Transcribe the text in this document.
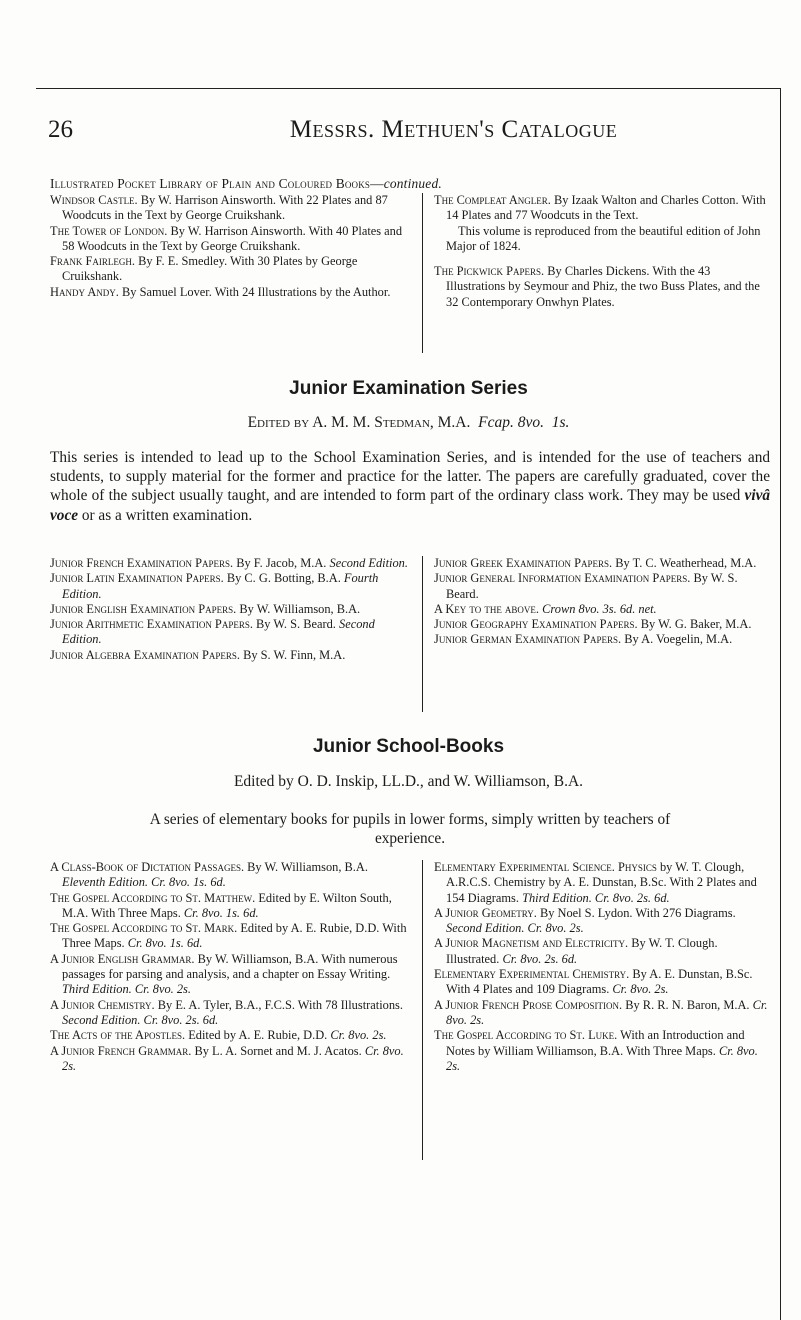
26	Messrs. Methuen's Catalogue
Illustrated Pocket Library of Plain and Coloured Books—continued.

Windsor Castle. By W. Harrison Ainsworth. With 22 Plates and 87 Woodcuts in the Text by George Cruikshank.

The Tower of London. By W. Harrison Ainsworth. With 40 Plates and 58 Woodcuts in the Text by George Cruikshank.

Frank Fairlegh. By F. E. Smedley. With 30 Plates by George Cruikshank.

Handy Andy. By Samuel Lover. With 24 Illustrations by the Author.

The Compleat Angler. By Izaak Walton and Charles Cotton. With 14 Plates and 77 Woodcuts in the Text.

This volume is reproduced from the beautiful edition of John Major of 1824.

The Pickwick Papers. By Charles Dickens. With the 43 Illustrations by Seymour and Phiz, the two Buss Plates, and the 32 Contemporary Onwhyn Plates.

Junior Examination Series
Edited by A. M. M. Stedman, M.A. Fcap. 8vo. 1s.
This series is intended to lead up to the School Examination Series, and is intended for the use of teachers and students, to supply material for the former and practice for the latter. The papers are carefully graduated, cover the whole of the subject usually taught, and are intended to form part of the ordinary class work. They may be used vivâ voce or as a written examination.

Junior French Examination Papers. By F. Jacob, M.A. Second Edition.

Junior Latin Examination Papers. By C. G. Botting, B.A. Fourth Edition.

Junior English Examination Papers. By W. Williamson, B.A.

Junior Arithmetic Examination Papers. By W. S. Beard. Second Edition.

Junior Algebra Examination Papers. By S. W. Finn, M.A.

Junior Greek Examination Papers. By T. C. Weatherhead, M.A.

Junior General Information Examination Papers. By W. S. Beard.

A Key to the above. Crown 8vo. 3s. 6d. net.

Junior Geography Examination Papers. By W. G. Baker, M.A.

Junior German Examination Papers. By A. Voegelin, M.A.

Junior School-Books
Edited by O. D. Inskip, LL.D., and W. Williamson, B.A.
A series of elementary books for pupils in lower forms, simply written by teachers of experience.

A Class-Book of Dictation Passages. By W. Williamson, B.A. Eleventh Edition. Cr. 8vo. 1s. 6d.

The Gospel According to St. Matthew. Edited by E. Wilton South, M.A. With Three Maps. Cr. 8vo. 1s. 6d.

The Gospel According to St. Mark. Edited by A. E. Rubie, D.D. With Three Maps. Cr. 8vo. 1s. 6d.

A Junior English Grammar. By W. Williamson, B.A. With numerous passages for parsing and analysis, and a chapter on Essay Writing. Third Edition. Cr. 8vo. 2s.

A Junior Chemistry. By E. A. Tyler, B.A., F.C.S. With 78 Illustrations. Second Edition. Cr. 8vo. 2s. 6d.

The Acts of the Apostles. Edited by A. E. Rubie, D.D. Cr. 8vo. 2s.

A Junior French Grammar. By L. A. Sornet and M. J. Acatos. Cr. 8vo. 2s.

Elementary Experimental Science. Physics by W. T. Clough, A.R.C.S. Chemistry by A. E. Dunstan, B.Sc. With 2 Plates and 154 Diagrams. Third Edition. Cr. 8vo. 2s. 6d.

A Junior Geometry. By Noel S. Lydon. With 276 Diagrams. Second Edition. Cr. 8vo. 2s.

A Junior Magnetism and Electricity. By W. T. Clough. Illustrated. Cr. 8vo. 2s. 6d.

Elementary Experimental Chemistry. By A. E. Dunstan, B.Sc. With 4 Plates and 109 Diagrams. Cr. 8vo. 2s.

A Junior French Prose Composition. By R. R. N. Baron, M.A. Cr. 8vo. 2s.

The Gospel According to St. Luke. With an Introduction and Notes by William Williamson, B.A. With Three Maps. Cr. 8vo. 2s.
